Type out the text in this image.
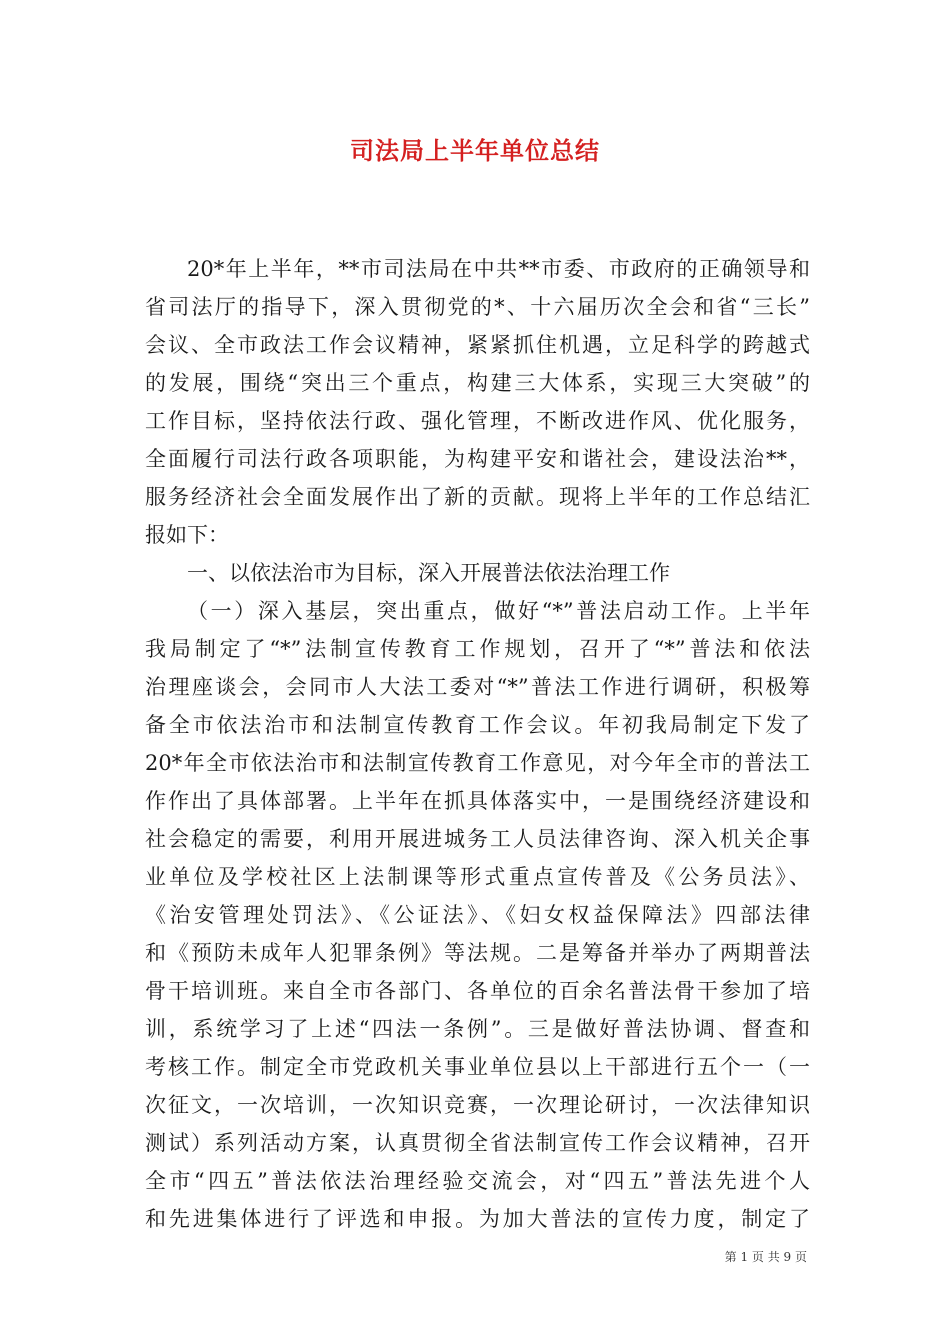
司法局上半年单位总结
20*年上半年，**市司法局在中共**市委、市政府的正确领导和
省司法厅的指导下，深入贯彻党的*、十六届历次全会和省“三长”
会议、全市政法工作会议精神，紧紧抓住机遇，立足科学的跨越式
的发展，围绕“突出三个重点，构建三大体系，实现三大突破”的
工作目标，坚持依法行政、强化管理，不断改进作风、优化服务，
全面履行司法行政各项职能，为构建平安和谐社会，建设法治**，
服务经济社会全面发展作出了新的贡献。现将上半年的工作总结汇
报如下：
一、以依法治市为目标，深入开展普法依法治理工作
（一）深入基层，突出重点，做好“*”普法启动工作。上半年
我局制定了“*”法制宣传教育工作规划，召开了“*”普法和依法
治理座谈会，会同市人大法工委对“*”普法工作进行调研，积极筹
备全市依法治市和法制宣传教育工作会议。年初我局制定下发了
20*年全市依法治市和法制宣传教育工作意见，对今年全市的普法工
作作出了具体部署。上半年在抓具体落实中，一是围绕经济建设和
社会稳定的需要，利用开展进城务工人员法律咨询、深入机关企事
业单位及学校社区上法制课等形式重点宣传普及《公务员法》、
《治安管理处罚法》、《公证法》、《妇女权益保障法》四部法律
和《预防未成年人犯罪条例》等法规。二是筹备并举办了两期普法
骨干培训班。来自全市各部门、各单位的百余名普法骨干参加了培
训，系统学习了上述“四法一条例”。三是做好普法协调、督查和
考核工作。制定全市党政机关事业单位县以上干部进行五个一（一
次征文，一次培训，一次知识竞赛，一次理论研讨，一次法律知识
测试）系列活动方案，认真贯彻全省法制宣传工作会议精神，召开
全市“四五”普法依法治理经验交流会，对“四五”普法先进个人
和先进集体进行了评选和申报。为加大普法的宣传力度，制定了
第 1 页 共 9 页
